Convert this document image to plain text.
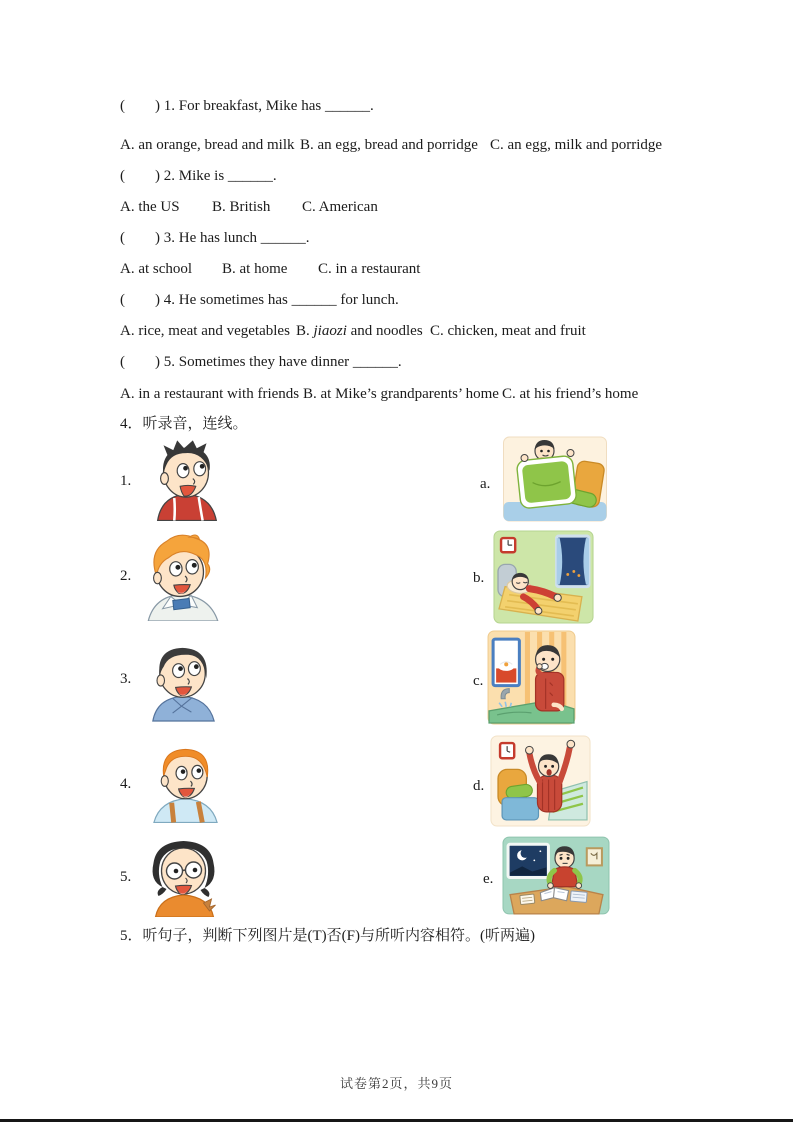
(        ) 1. For breakfast, Mike has ______.
A. an orange, bread and milk B. an egg, bread and porridge C. an egg, milk and porridge
(        ) 2. Mike is ______.
A. the US B. British C. American
(        ) 3. He has lunch ______.
A. at school B. at home C. in a restaurant
(        ) 4. He sometimes has ______ for lunch.
A. rice, meat and vegetables B. jiaozi and noodles C. chicken, meat and fruit
(        ) 5. Sometimes they have dinner ______.
A. in a restaurant with friends B. at Mike’s grandparents’ home C. at his friend’s home
4．听录音，连线。
1.	a.
2.	b.
3.	c.
4.	d.
5.	e.
5．听句子，判断下列图片是(T)否(F)与所听内容相符。(听两遍)
试卷第2页，共9页
